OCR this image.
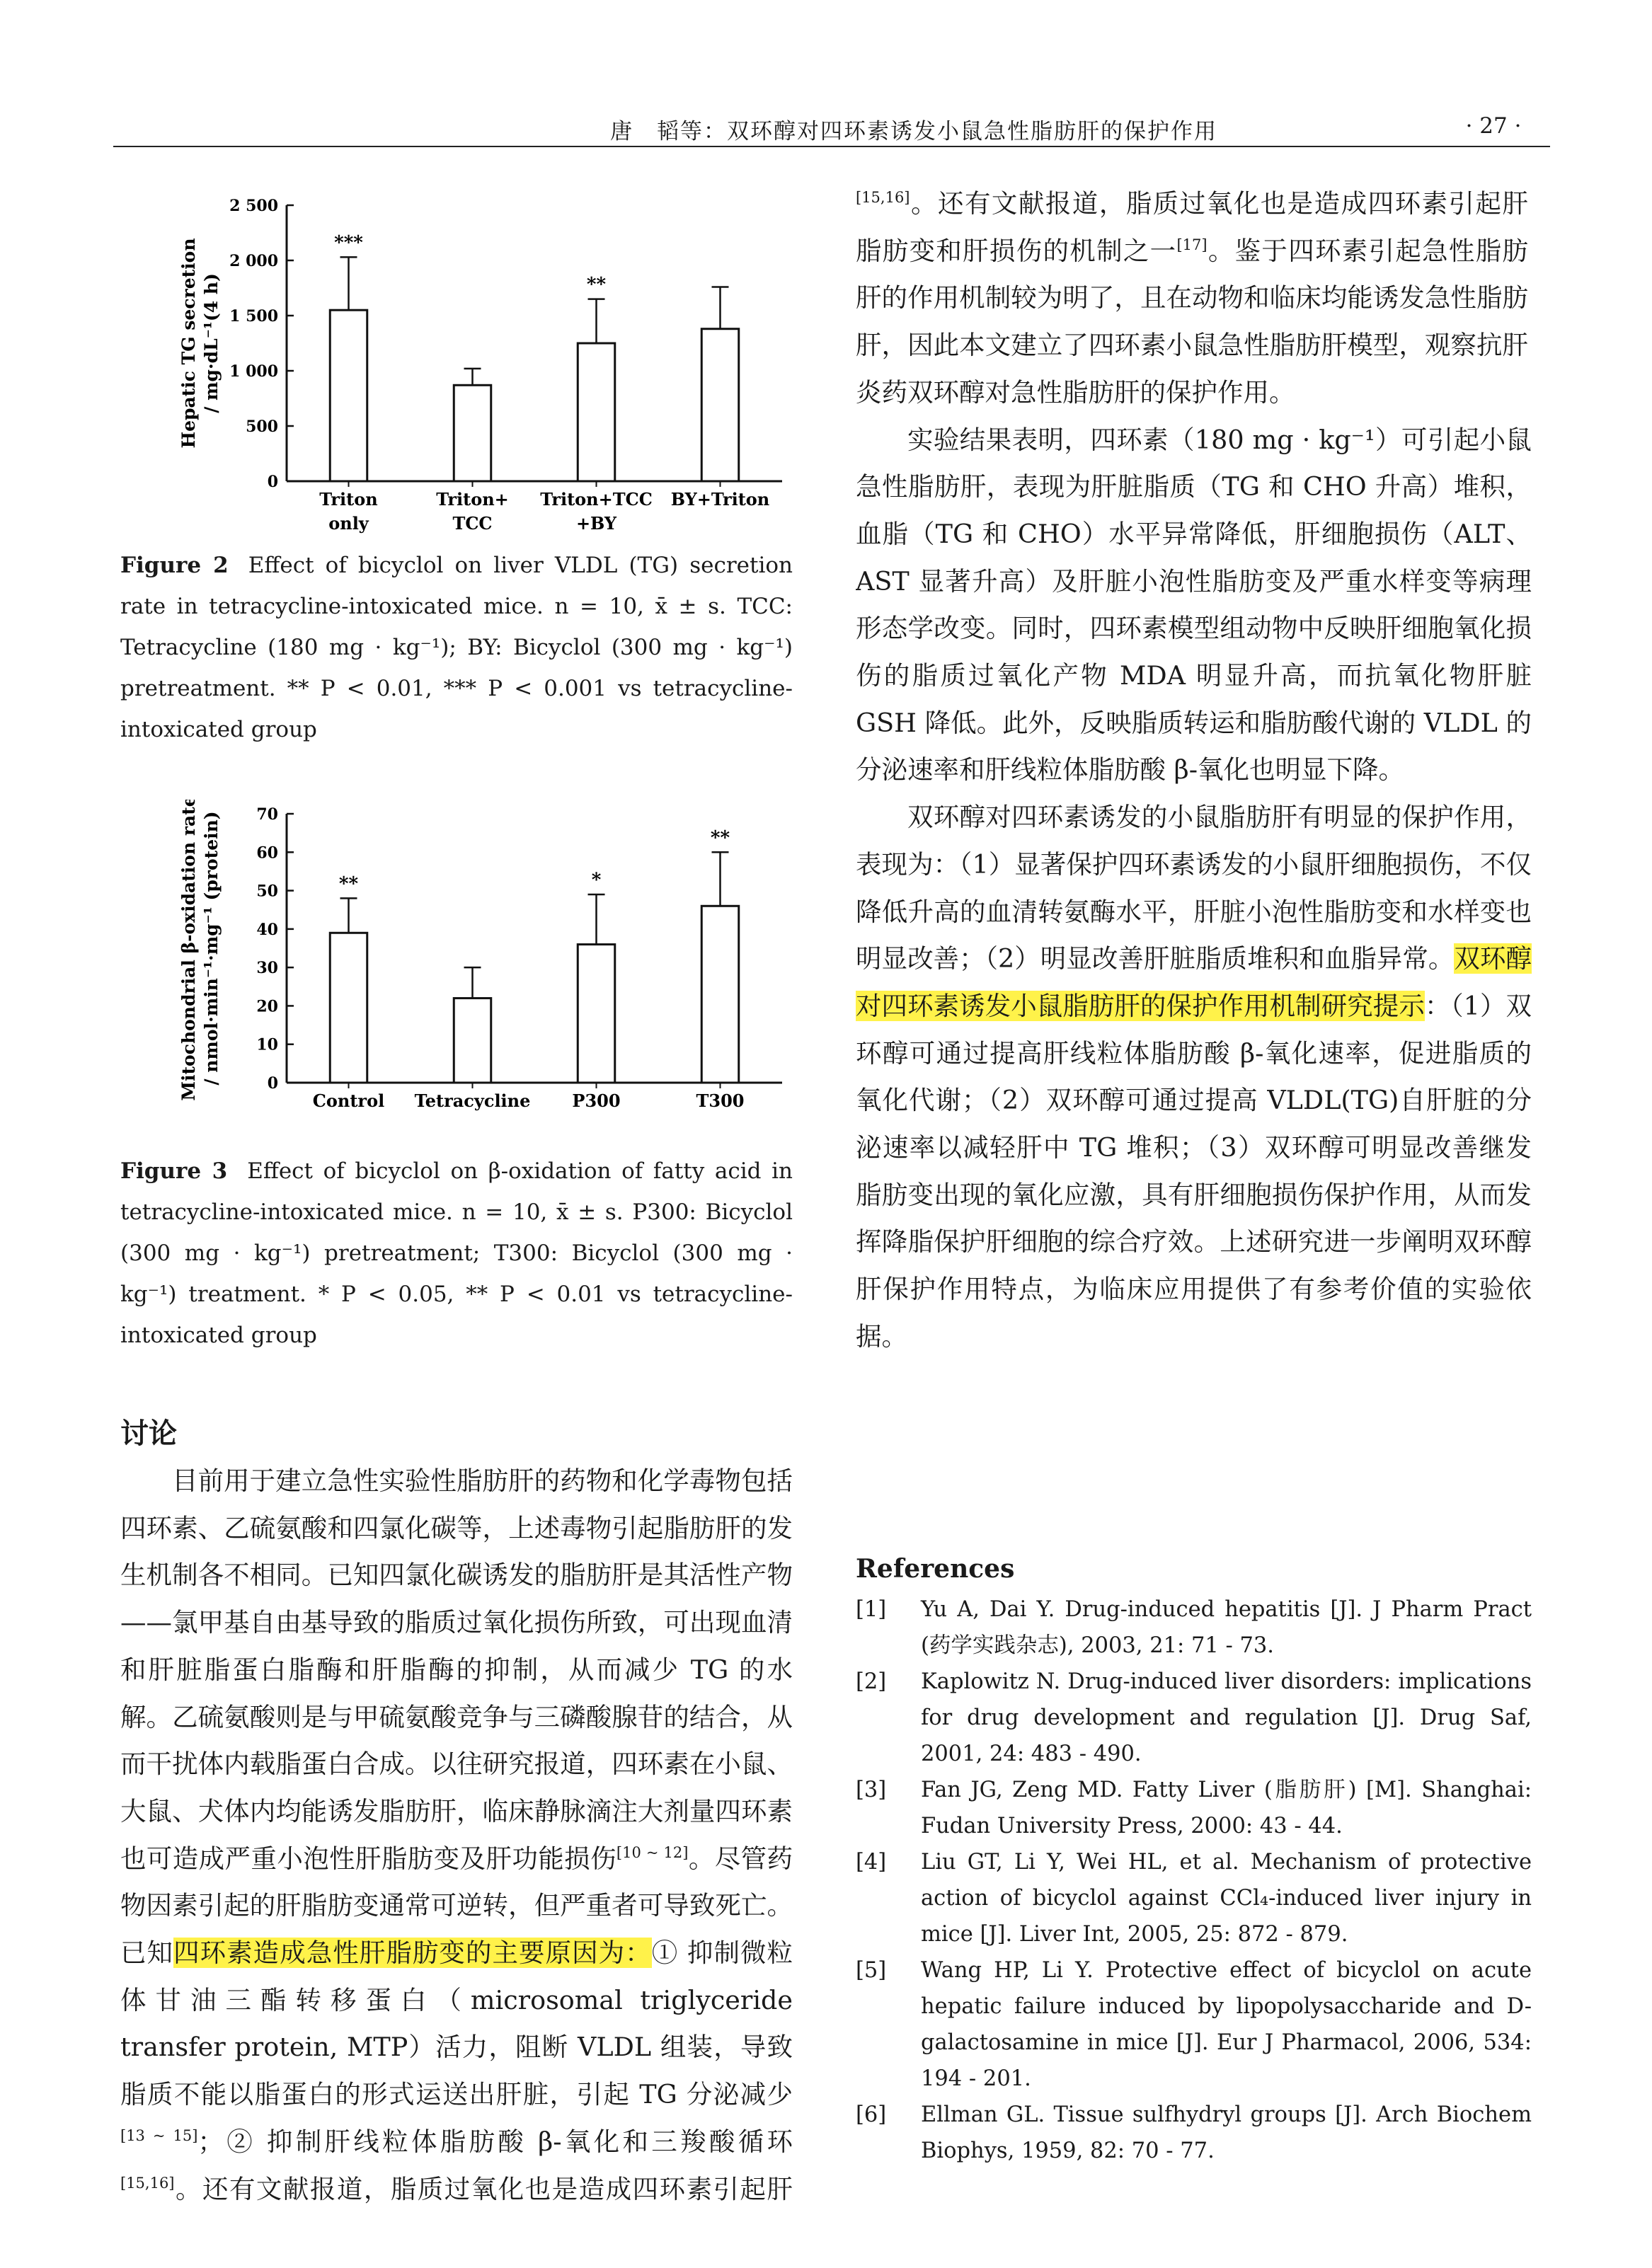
唐　韬等：双环醇对四环素诱发小鼠急性脂肪肝的保护作用	· 27 ·
0
500
1 000
1 500
2 000
2 500
Hepatic TG secretion / mg·dL⁻¹(4 h)
***
Triton
only
Triton+
TCC
**
Triton+TCC
+BY
BY+Triton
Figure 2 Effect of bicyclol on liver VLDL (TG) secretion rate in tetracycline-intoxicated mice. n = 10, x̄ ± s. TCC: Tetracycline (180 mg · kg⁻¹); BY: Bicyclol (300 mg · kg⁻¹) pretreatment. ** P < 0.01, *** P < 0.001 vs tetracycline-intoxicated group
0
10
20
30
40
50
60
70
Mitochondrial β-oxidation rate / nmol·min⁻¹·mg⁻¹ (protein)	**
Control Tetracycline
*
P300
**
T300
Figure 3 Effect of bicyclol on β-oxidation of fatty acid in tetracycline-intoxicated mice. n = 10, x̄ ± s. P300: Bicyclol (300 mg · kg⁻¹) pretreatment; T300: Bicyclol (300 mg · kg⁻¹) treatment. * P < 0.05, ** P < 0.01 vs tetracycline-intoxicated group
讨论

目前用于建立急性实验性脂肪肝的药物和化学毒物包括四环素、乙硫氨酸和四氯化碳等，上述毒物引起脂肪肝的发生机制各不相同。已知四氯化碳诱发的脂肪肝是其活性产物——氯甲基自由基导致的脂质过氧化损伤所致，可出现血清和肝脏脂蛋白脂酶和肝脂酶的抑制，从而减少 TG 的水解。乙硫氨酸则是与甲硫氨酸竞争与三磷酸腺苷的结合，从而干扰体内载脂蛋白合成。以往研究报道，四环素在小鼠、大鼠、犬体内均能诱发脂肪肝，临床静脉滴注大剂量四环素也可造成严重小泡性肝脂肪变及肝功能损伤[10 ~ 12]。尽管药物因素引起的肝脂肪变通常可逆转，但严重者可导致死亡。已知四环素造成急性肝脂肪变的主要原因为：① 抑制微粒体甘油三酯转移蛋白（microsomal triglyceride transfer protein, MTP）活力，阻断 VLDL 组装，导致脂质不能以脂蛋白的形式运送出肝脏，引起 TG 分泌减少[13 ~ 15]；② 抑制肝线粒体脂肪酸 β-氧化和三羧酸循环[15,16]。还有文献报道，脂质过氧化也是造成四环素引起肝

[15,16]。还有文献报道，脂质过氧化也是造成四环素引起肝脂肪变和肝损伤的机制之一[17]。鉴于四环素引起急性脂肪肝的作用机制较为明了，且在动物和临床均能诱发急性脂肪肝，因此本文建立了四环素小鼠急性脂肪肝模型，观察抗肝炎药双环醇对急性脂肪肝的保护作用。

实验结果表明，四环素（180 mg · kg⁻¹）可引起小鼠急性脂肪肝，表现为肝脏脂质（TG 和 CHO 升高）堆积，血脂（TG 和 CHO）水平异常降低，肝细胞损伤（ALT、AST 显著升高）及肝脏小泡性脂肪变及严重水样变等病理形态学改变。同时，四环素模型组动物中反映肝细胞氧化损伤的脂质过氧化产物 MDA 明显升高，而抗氧化物肝脏 GSH 降低。此外，反映脂质转运和脂肪酸代谢的 VLDL 的分泌速率和肝线粒体脂肪酸 β-氧化也明显下降。

双环醇对四环素诱发的小鼠脂肪肝有明显的保护作用，表现为：（1）显著保护四环素诱发的小鼠肝细胞损伤，不仅降低升高的血清转氨酶水平，肝脏小泡性脂肪变和水样变也明显改善；（2）明显改善肝脏脂质堆积和血脂异常。双环醇对四环素诱发小鼠脂肪肝的保护作用机制研究提示：（1）双环醇可通过提高肝线粒体脂肪酸 β-氧化速率，促进脂质的氧化代谢；（2）双环醇可通过提高 VLDL(TG)自肝脏的分泌速率以减轻肝中 TG 堆积；（3）双环醇可明显改善继发脂肪变出现的氧化应激，具有肝细胞损伤保护作用，从而发挥降脂保护肝细胞的综合疗效。上述研究进一步阐明双环醇肝保护作用特点，为临床应用提供了有参考价值的实验依据。

References
[1] Yu A, Dai Y. Drug-induced hepatitis [J]. J Pharm Pract (药学实践杂志), 2003, 21: 71 - 73.
[2] Kaplowitz N. Drug-induced liver disorders: implications for drug development and regulation [J]. Drug Saf, 2001, 24: 483 - 490.
[3] Fan JG, Zeng MD. Fatty Liver (脂肪肝) [M]. Shanghai: Fudan University Press, 2000: 43 - 44.
[4] Liu GT, Li Y, Wei HL, et al. Mechanism of protective action of bicyclol against CCl₄-induced liver injury in mice [J]. Liver Int, 2005, 25: 872 - 879.
[5] Wang HP, Li Y. Protective effect of bicyclol on acute hepatic failure induced by lipopolysaccharide and D-galactosamine in mice [J]. Eur J Pharmacol, 2006, 534: 194 - 201.
[6] Ellman GL. Tissue sulfhydryl groups [J]. Arch Biochem Biophys, 1959, 82: 70 - 77.
